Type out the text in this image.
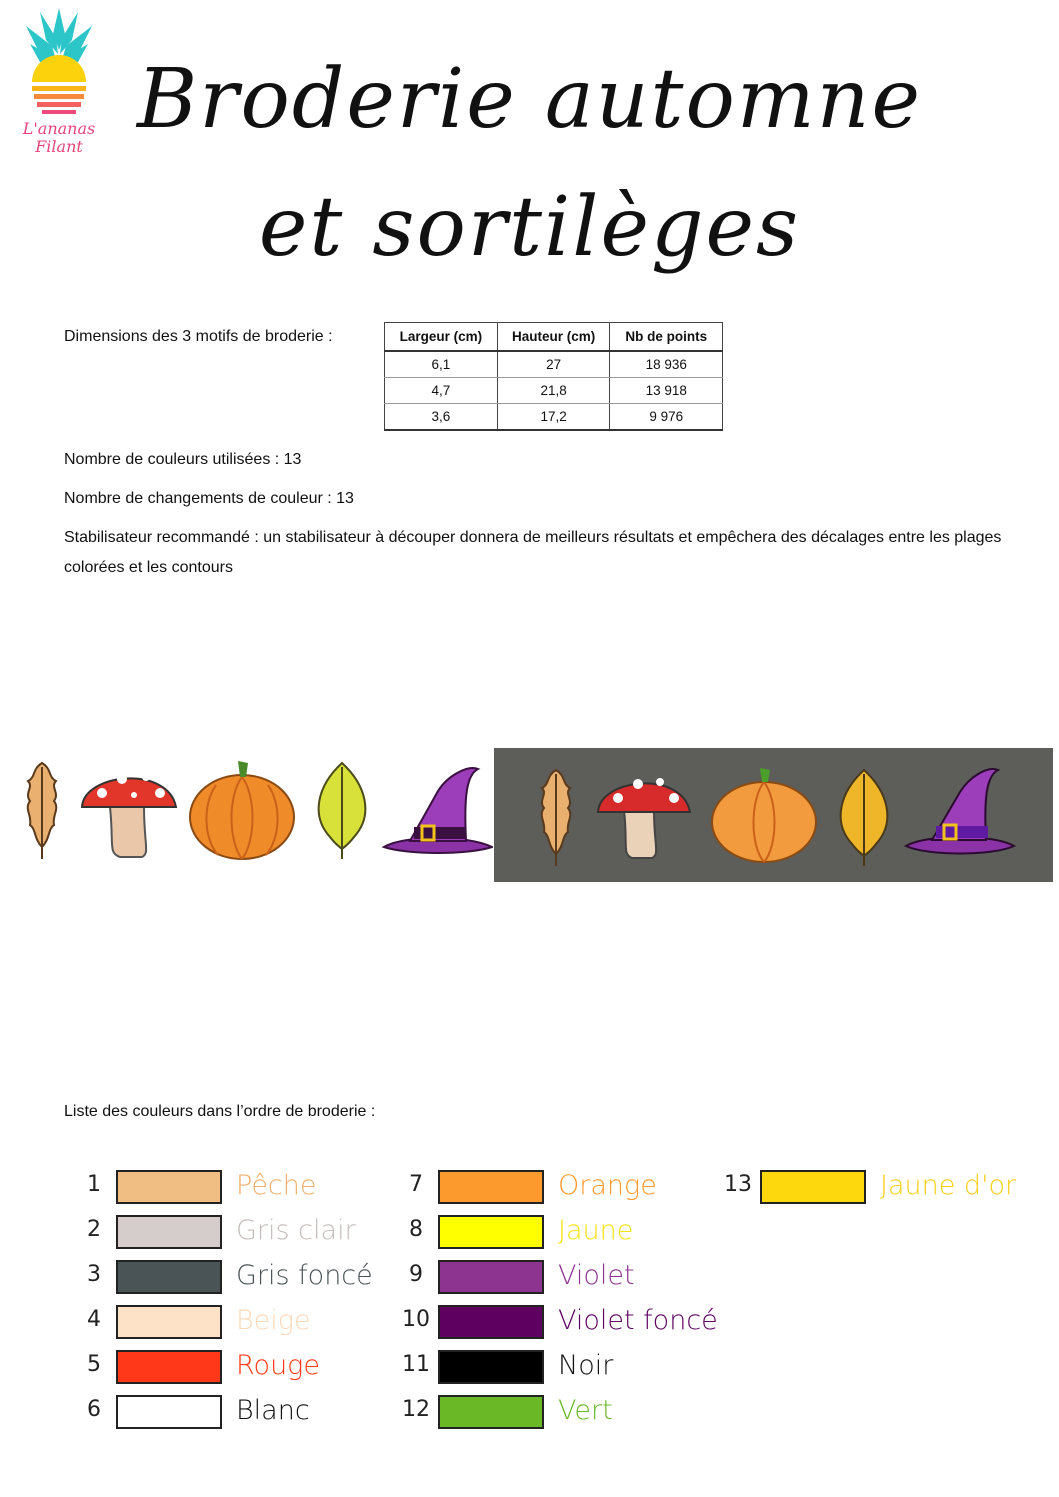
L'ananas
Filant Broderie automne
et sortilèges
Dimensions des 3 motifs de broderie :	Largeur (cm)	Hauteur (cm)	Nb de points
6,1	27	18 936
4,7	21,8	13 918
3,6	17,2	9 976
Nombre de couleurs utilisées : 13
Nombre de changements de couleur : 13
Stabilisateur recommandé : un stabilisateur à découper donnera de meilleurs résultats et empêchera des décalages entre les plages colorées et les contours
Liste des couleurs dans l’ordre de broderie :
1	Pêche
2	Gris clair
3	Gris foncé
4	Beige
5	Rouge
6	Blanc
7	Orange
8	Jaune
9	Violet
10	Violet foncé
11	Noir
12	Vert
13	Jaune d'or
